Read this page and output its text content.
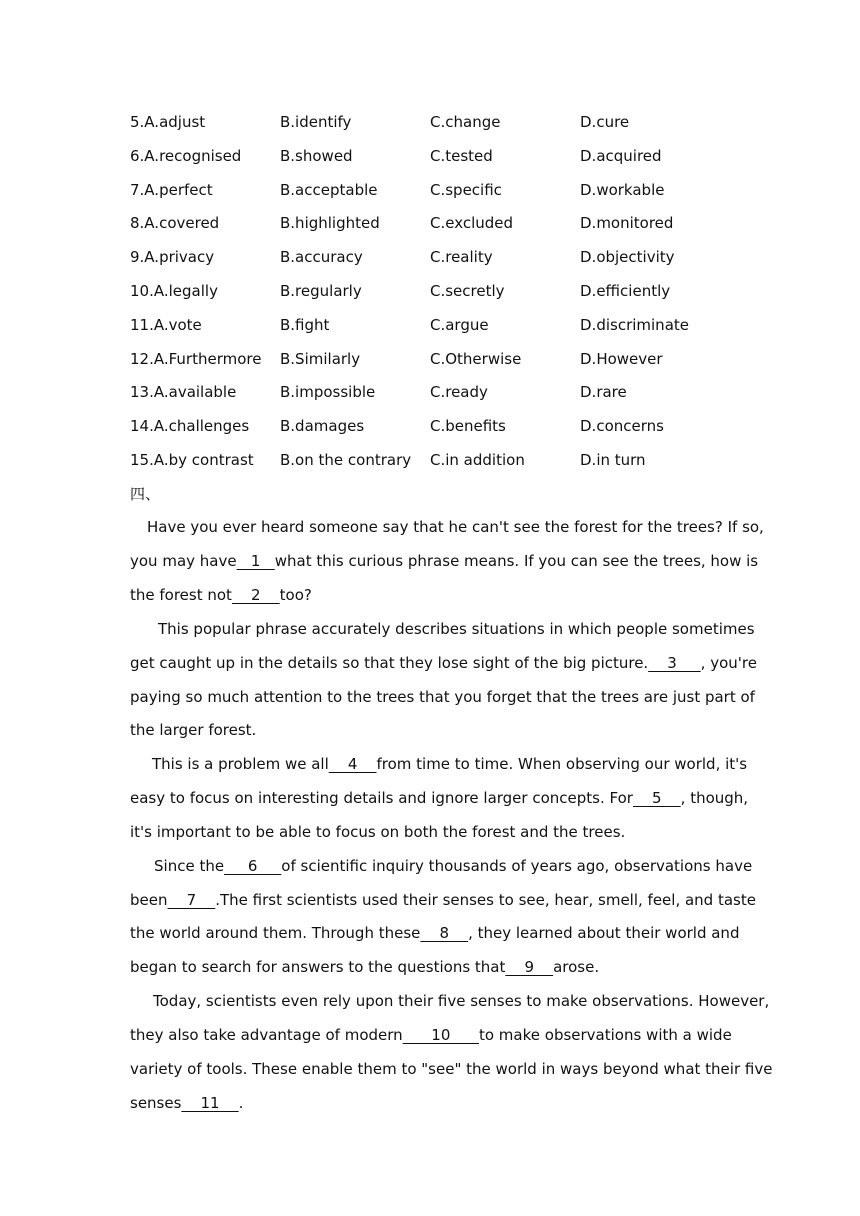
5.A.adjust	B.identify	C.change	D.cure
6.A.recognised	B.showed	C.tested	D.acquired
7.A.perfect	B.acceptable	C.specific	D.workable
8.A.covered	B.highlighted	C.excluded	D.monitored
9.A.privacy	B.accuracy	C.reality	D.objectivity
10.A.legally	B.regularly	C.secretly	D.efficiently
11.A.vote	B.fight	C.argue	D.discriminate
12.A.Furthermore B.Similarly	C.Otherwise	D.However
13.A.available	B.impossible	C.ready	D.rare
14.A.challenges B.damages	C.benefits	D.concerns
15.A.by contrast B.on the contrary C.in addition	D.in turn
四、
Have you ever heard someone say that he can't see the forest for the trees? If so,
you may have   1   what this curious phrase means. If you can see the trees, how is
the forest not    2    too?
This popular phrase accurately describes situations in which people sometimes
get caught up in the details so that they lose sight of the big picture.    3     , you're
paying so much attention to the trees that you forget that the trees are just part of
the larger forest.
This is a problem we all    4    from time to time. When observing our world, it's
easy to focus on interesting details and ignore larger concepts. For    5    , though,
it's important to be able to focus on both the forest and the trees.
Since the     6     of scientific inquiry thousands of years ago, observations have
been    7    .The first scientists used their senses to see, hear, smell, feel, and taste
the world around them. Through these    8    , they learned about their world and
began to search for answers to the questions that    9    arose.
Today, scientists even rely upon their five senses to make observations. However,
they also take advantage of modern      10      to make observations with a wide
variety of tools. These enable them to "see" the world in ways beyond what their five
senses    11    .
